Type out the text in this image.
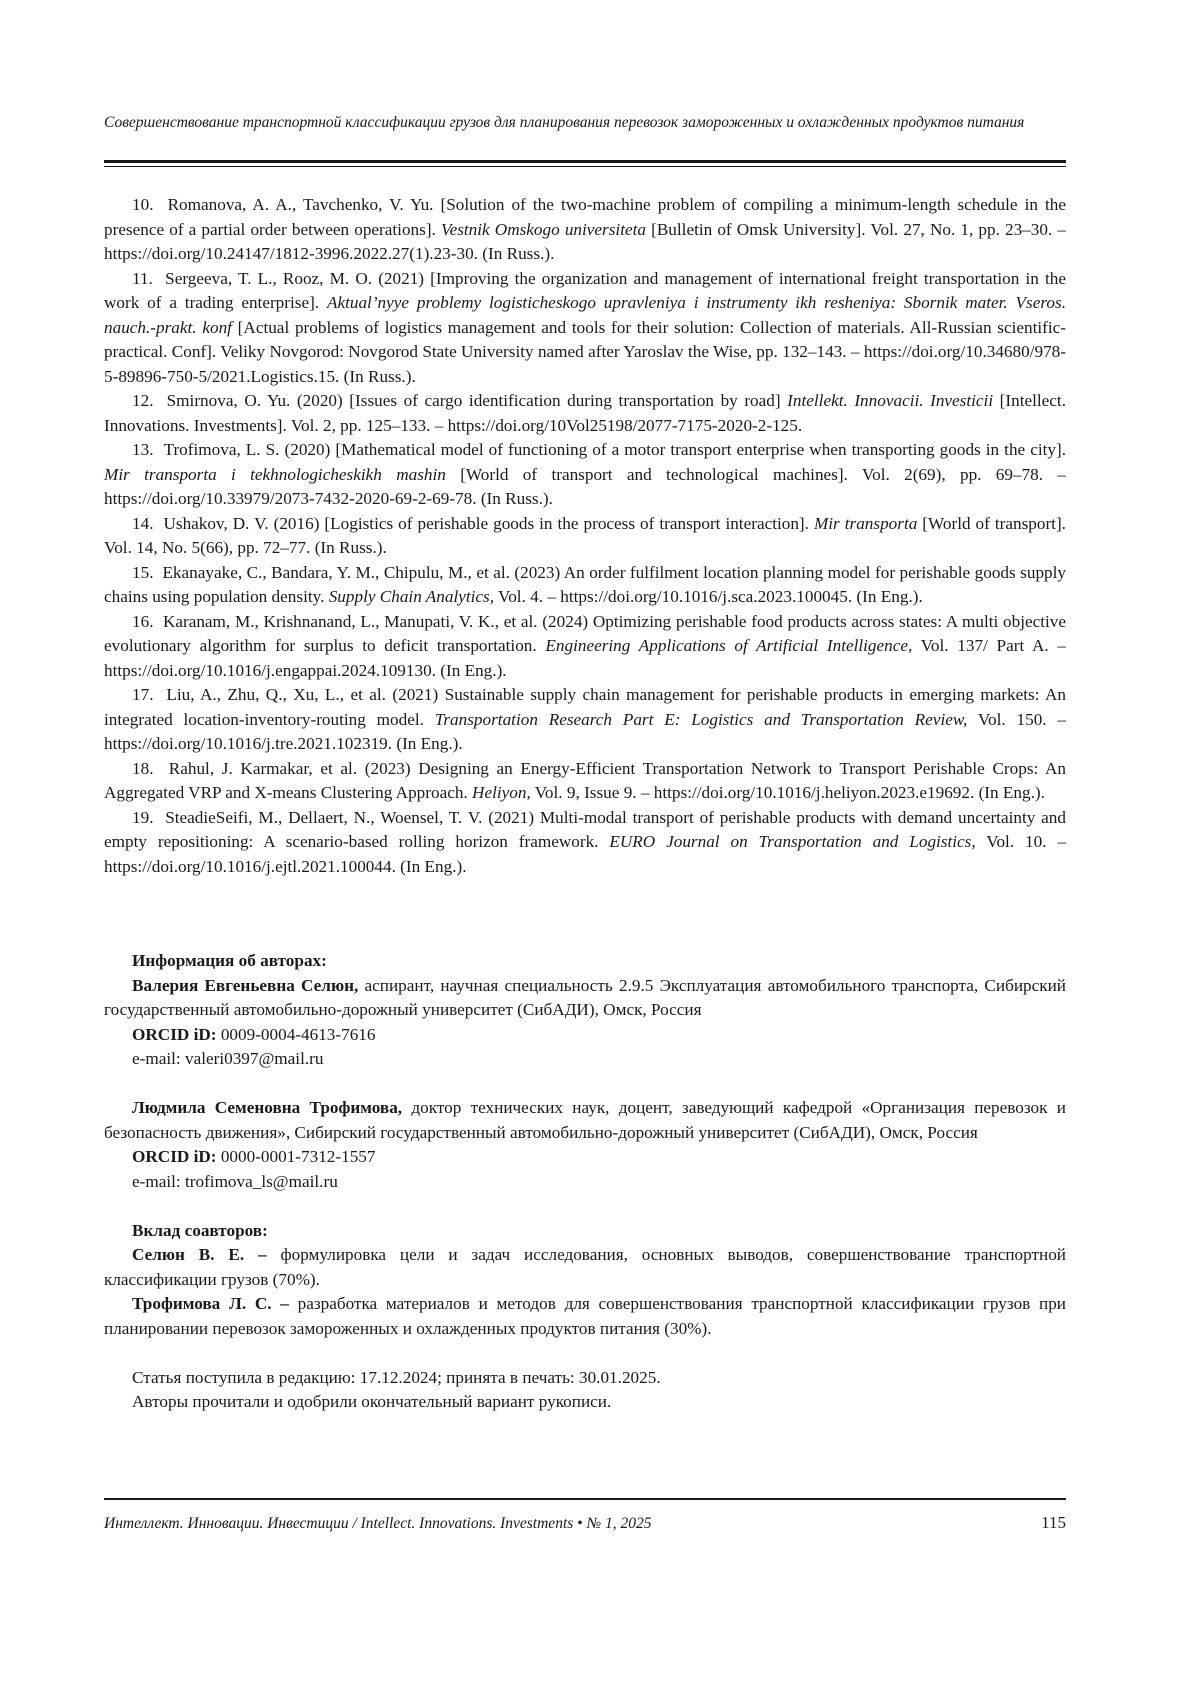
Совершенствование транспортной классификации грузов для планирования перевозок замороженных и охлажденных продуктов питания

10. Romanova, A. A., Tavchenko, V. Yu. [Solution of the two-machine problem of compiling a minimum-length schedule in the presence of a partial order between operations]. Vestnik Omskogo universiteta [Bulletin of Omsk University]. Vol. 27, No. 1, pp. 23–30. – https://doi.org/10.24147/1812-3996.2022.27(1).23-30. (In Russ.).

11. Sergeeva, T. L., Rooz, M. O. (2021) [Improving the organization and management of international freight transportation in the work of a trading enterprise]. Aktual’nyye problemy logisticheskogo upravleniya i instrumenty ikh resheniya: Sbornik mater. Vseros. nauch.-prakt. konf [Actual problems of logistics management and tools for their solution: Collection of materials. All-Russian scientific-practical. Conf]. Veliky Novgorod: Novgorod State University named after Yaroslav the Wise, pp. 132–143. – https://doi.org/10.34680/978-5-89896-750-5/2021.Logistics.15. (In Russ.).

12. Smirnova, O. Yu. (2020) [Issues of cargo identification during transportation by road] Intellekt. Innovacii. Investicii [Intellect. Innovations. Investments]. Vol. 2, pp. 125–133. – https://doi.org/10Vol25198/2077-7175-2020-2-125.

13. Trofimova, L. S. (2020) [Mathematical model of functioning of a motor transport enterprise when transporting goods in the city]. Mir transporta i tekhnologicheskikh mashin [World of transport and technological machines]. Vol. 2(69), pp. 69–78. – https://doi.org/10.33979/2073-7432-2020-69-2-69-78. (In Russ.).

14. Ushakov, D. V. (2016) [Logistics of perishable goods in the process of transport interaction]. Mir transporta [World of transport]. Vol. 14, No. 5(66), pp. 72–77. (In Russ.).

15. Ekanayake, C., Bandara, Y. M., Chipulu, M., et al. (2023) An order fulfilment location planning model for perishable goods supply chains using population density. Supply Chain Analytics, Vol. 4. – https://doi.org/10.1016/j.sca.2023.100045. (In Eng.).

16. Karanam, M., Krishnanand, L., Manupati, V. K., et al. (2024) Optimizing perishable food products across states: A multi objective evolutionary algorithm for surplus to deficit transportation. Engineering Applications of Artificial Intelligence, Vol. 137/ Part A. – https://doi.org/10.1016/j.engappai.2024.109130. (In Eng.).

17. Liu, A., Zhu, Q., Xu, L., et al. (2021) Sustainable supply chain management for perishable products in emerging markets: An integrated location-inventory-routing model. Transportation Research Part E: Logistics and Transportation Review, Vol. 150. – https://doi.org/10.1016/j.tre.2021.102319. (In Eng.).

18. Rahul, J. Karmakar, et al. (2023) Designing an Energy-Efficient Transportation Network to Transport Perishable Crops: An Aggregated VRP and X-means Clustering Approach. Heliyon, Vol. 9, Issue 9. – https://doi.org/10.1016/j.heliyon.2023.e19692. (In Eng.).

19. SteadieSeifi, M., Dellaert, N., Woensel, T. V. (2021) Multi-modal transport of perishable products with demand uncertainty and empty repositioning: A scenario-based rolling horizon framework. EURO Journal on Transportation and Logistics, Vol. 10. – https://doi.org/10.1016/j.ejtl.2021.100044. (In Eng.).

Информация об авторах:

Валерия Евгеньевна Селюн, аспирант, научная специальность 2.9.5 Эксплуатация автомобильного транспорта, Сибирский государственный автомобильно-дорожный университет (СибАДИ), Омск, Россия

ORCID iD: 0009-0004-4613-7616

e-mail: valeri0397@mail.ru

Людмила Семеновна Трофимова, доктор технических наук, доцент, заведующий кафедрой «Организация перевозок и безопасность движения», Сибирский государственный автомобильно-дорожный университет (СибАДИ), Омск, Россия

ORCID iD: 0000-0001-7312-1557

e-mail: trofimova_ls@mail.ru

Вклад соавторов:

Селюн В. Е. – формулировка цели и задач исследования, основных выводов, совершенствование транспортной классификации грузов (70%).

Трофимова Л. С. – разработка материалов и методов для совершенствования транспортной классификации грузов при планировании перевозок замороженных и охлажденных продуктов питания (30%).

Статья поступила в редакцию: 17.12.2024; принята в печать: 30.01.2025.

Авторы прочитали и одобрили окончательный вариант рукописи.

Интеллект. Инновации. Инвестиции / Intellect. Innovations. Investments • № 1, 2025	115
